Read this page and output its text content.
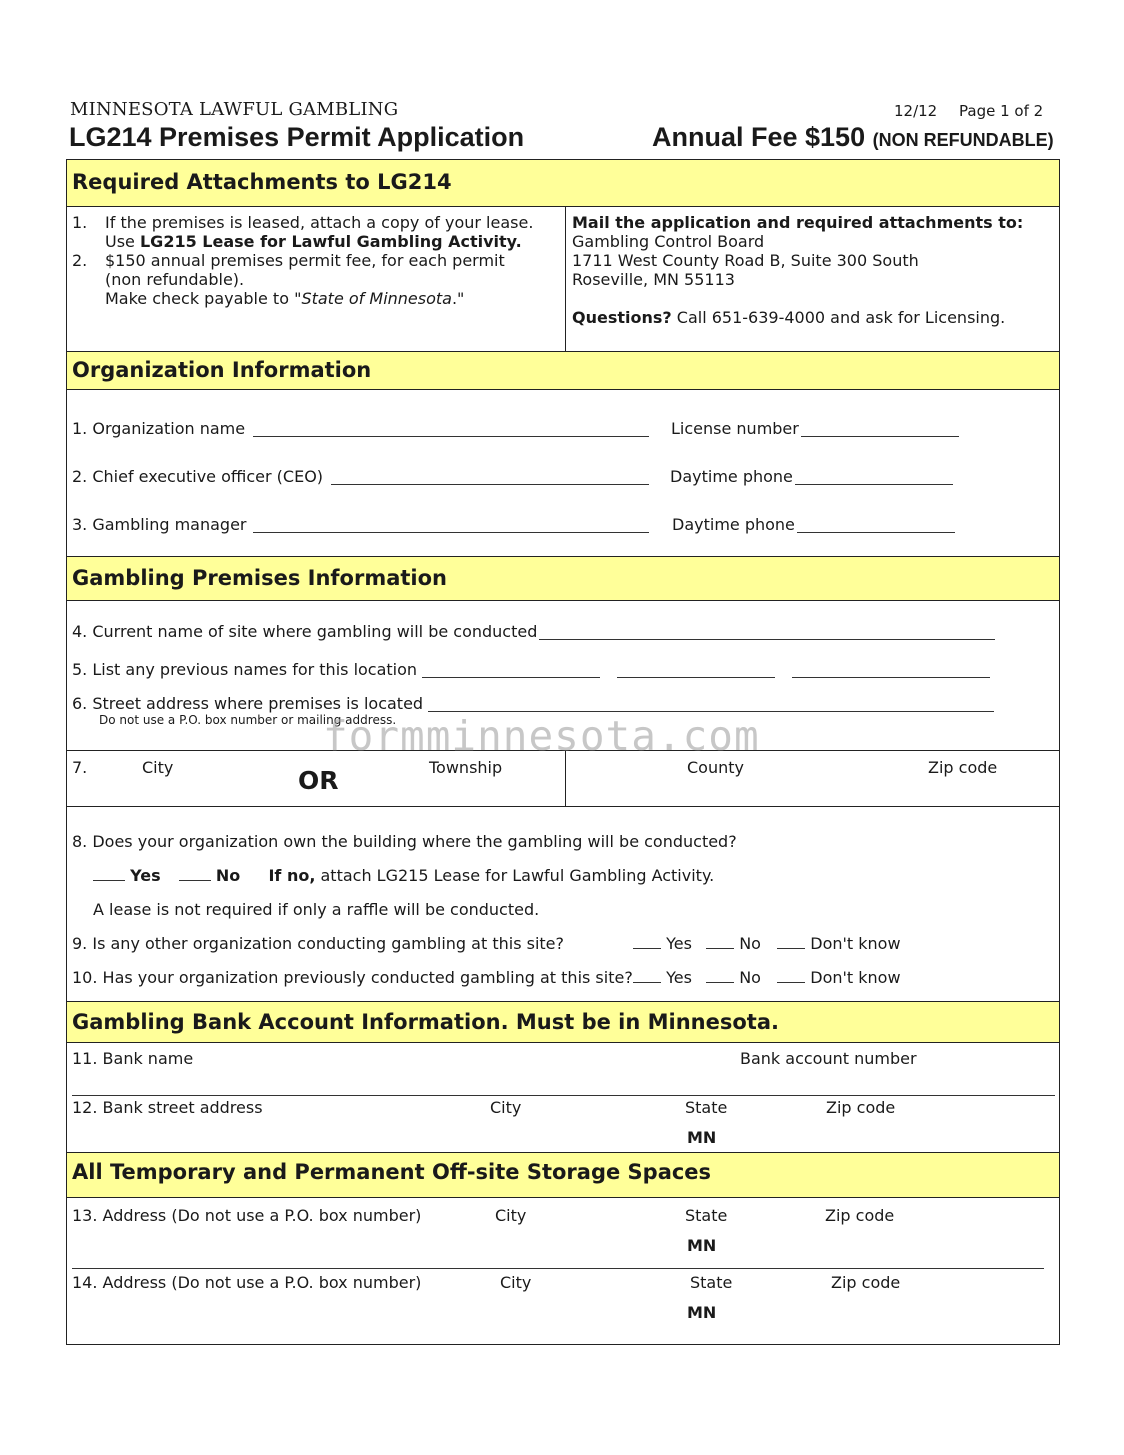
MINNESOTA LAWFUL GAMBLING	12/12 Page 1 of 2
LG214 Premises Permit Application	Annual Fee $150 (NON REFUNDABLE)
Required Attachments to LG214
1. If the premises is leased, attach a copy of your lease.
Use LG215 Lease for Lawful Gambling Activity.
2. $150 annual premises permit fee, for each permit
(non refundable).
Make check payable to "State of Minnesota."
Mail the application and required attachments to:
Gambling Control Board
1711 West County Road B, Suite 300 South
Roseville, MN 55113
Questions? Call 651-639-4000 and ask for Licensing.
Organization Information
1. Organization name	License number
2. Chief executive officer (CEO)	Daytime phone
3. Gambling manager	Daytime phone
Gambling Premises Information
4. Current name of site where gambling will be conducted
5. List any previous names for this location
6. Street address where premises is located
Do not use a P.O. box number or mailing address.
7.	City	OR	Township	County	Zip code
8. Does your organization own the building where the gambling will be conducted?
Yes	No If no, attach LG215 Lease for Lawful Gambling Activity.
A lease is not required if only a raffle will be conducted.
9. Is any other organization conducting gambling at this site?	Yes	No	Don't know
10. Has your organization previously conducted gambling at this site?	Yes	No	Don't know
Gambling Bank Account Information. Must be in Minnesota.
11. Bank name	Bank account number
12. Bank street address	City	State	Zip code
MN
All Temporary and Permanent Off-site Storage Spaces
13. Address (Do not use a P.O. box number)	City	State	Zip code
MN
14. Address (Do not use a P.O. box number)	City	State	Zip code
MN
formminnesota.com
